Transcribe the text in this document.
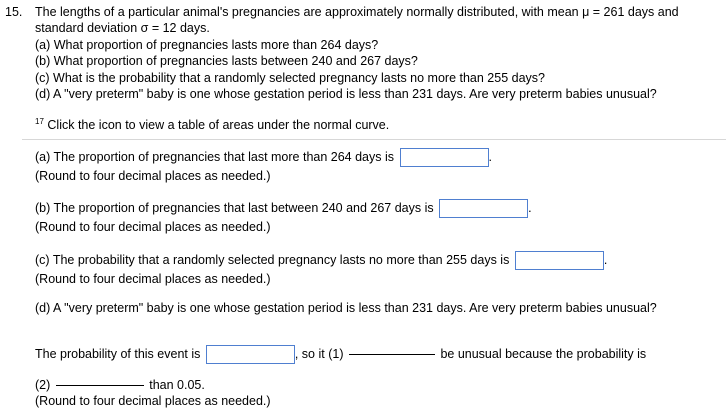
15. The lengths of a particular animal's pregnancies are approximately normally distributed, with mean μ = 261 days and
standard deviation σ = 12 days.
(a) What proportion of pregnancies lasts more than 264 days?
(b) What proportion of pregnancies lasts between 240 and 267 days?
(c) What is the probability that a randomly selected pregnancy lasts no more than 255 days?
(d) A "very preterm" baby is one whose gestation period is less than 231 days. Are very preterm babies unusual?
$^{17}$ Click the icon to view a table of areas under the normal curve.
(a) The proportion of pregnancies that last more than 264 days is	.
(Round to four decimal places as needed.)
(b) The proportion of pregnancies that last between 240 and 267 days is	.
(Round to four decimal places as needed.)
(c) The probability that a randomly selected pregnancy lasts no more than 255 days is	.
(Round to four decimal places as needed.)
(d) A "very preterm" baby is one whose gestation period is less than 231 days. Are very preterm babies unusual?
The probability of this event is	, so it (1)	be unusual because the probability is
(2)	than 0.05.
(Round to four decimal places as needed.)
